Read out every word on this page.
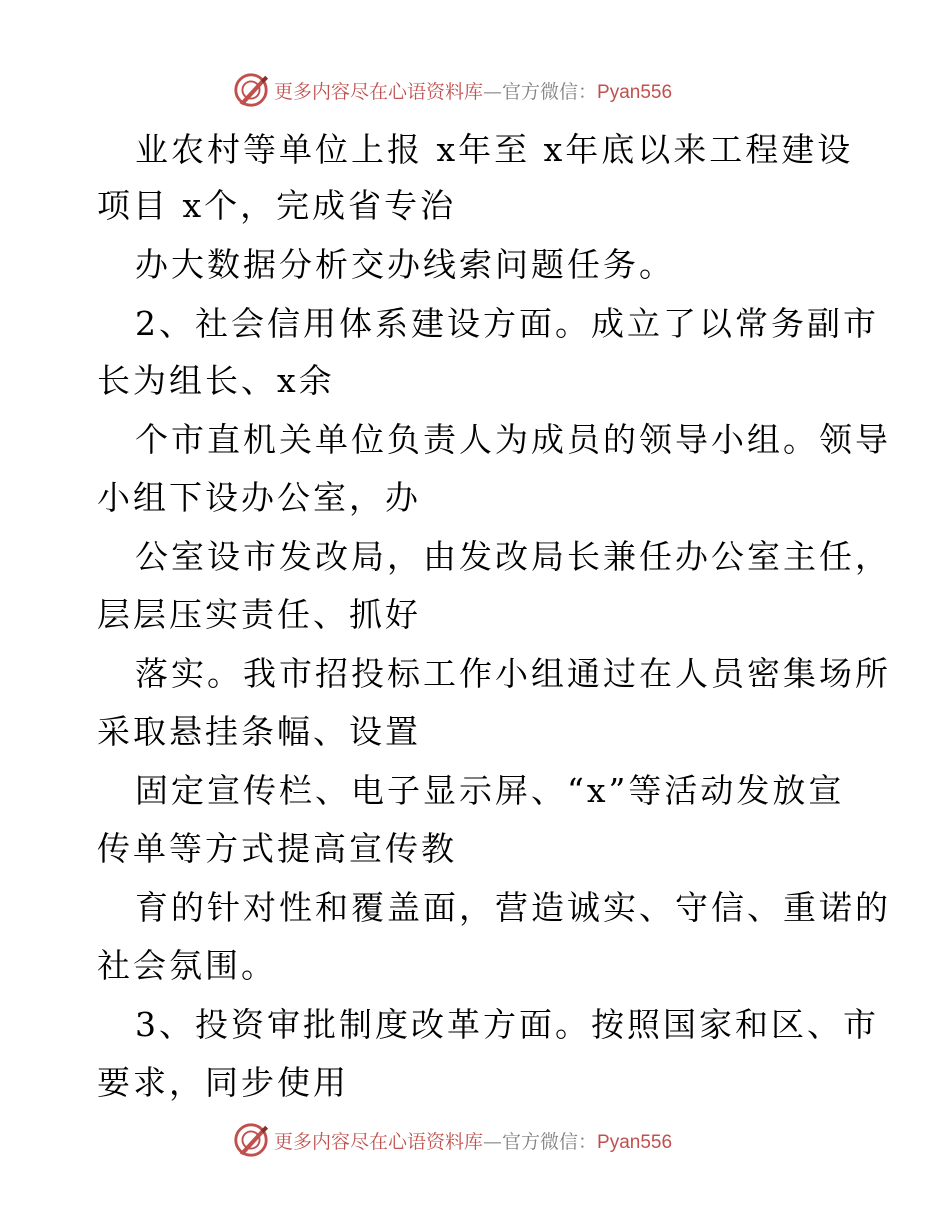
更多内容尽在心语资料库—官方微信：Pyan556
业农村等单位上报 x年至 x年底以来工程建设
项目 x个，完成省专治
办大数据分析交办线索问题任务。
2、社会信用体系建设方面。成立了以常务副市
长为组长、x余
个市直机关单位负责人为成员的领导小组。领导
小组下设办公室，办
公室设市发改局，由发改局长兼任办公室主任，
层层压实责任、抓好
落实。我市招投标工作小组通过在人员密集场所
采取悬挂条幅、设置
固定宣传栏、电子显示屏、“x”等活动发放宣
传单等方式提高宣传教
育的针对性和覆盖面，营造诚实、守信、重诺的
社会氛围。
3、投资审批制度改革方面。按照国家和区、市
要求，同步使用
更多内容尽在心语资料库—官方微信：Pyan556
